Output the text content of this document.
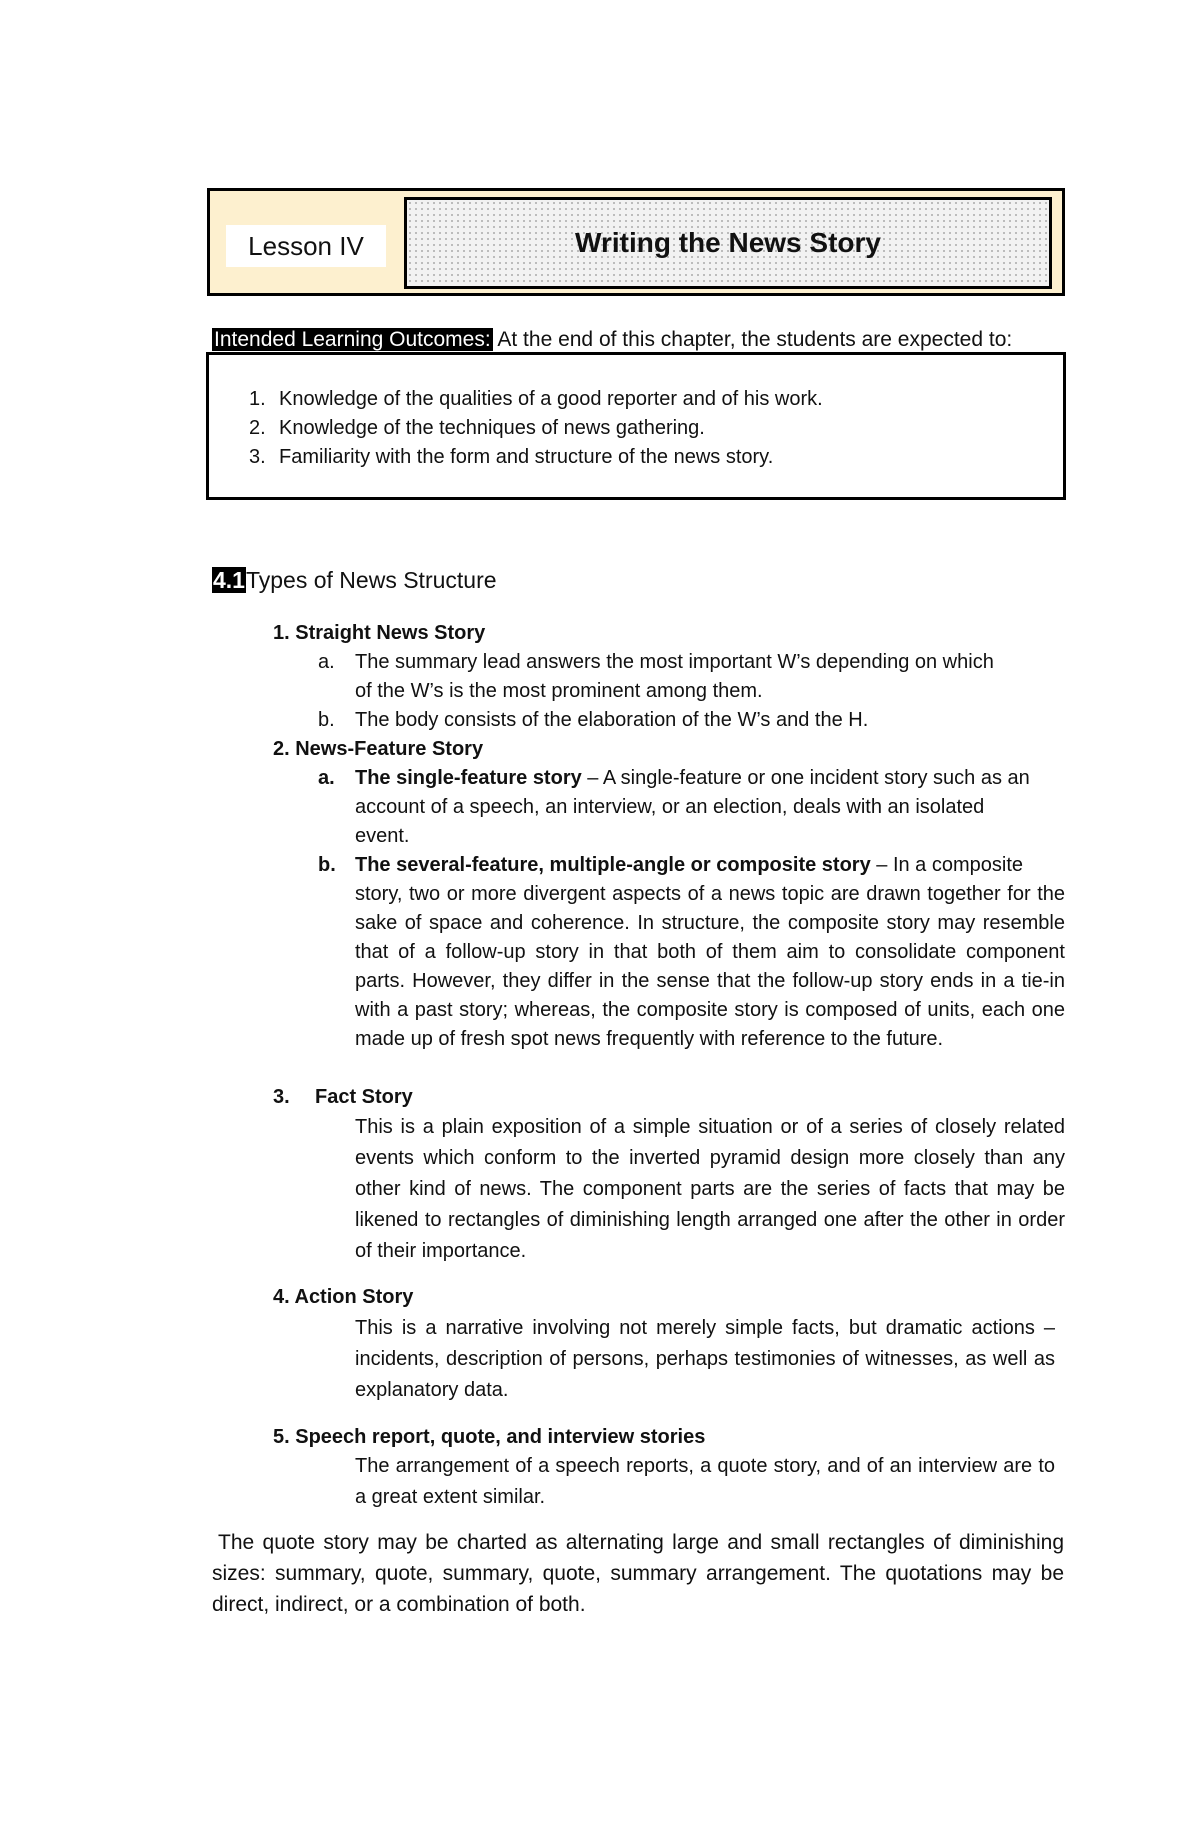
Lesson IV	Writing the News Story
Intended Learning Outcomes: At the end of this chapter, the students are expected to:
1. Knowledge of the qualities of a good reporter and of his work.
2. Knowledge of the techniques of news gathering.
3. Familiarity with the form and structure of the news story.
4.1Types of News Structure
1. Straight News Story
a. The summary lead answers the most important W’s depending on which
of the W’s is the most prominent among them.
b. The body consists of the elaboration of the W’s and the H.
2. News-Feature Story
a. The single-feature story – A single-feature or one incident story such as an
account of a speech, an interview, or an election, deals with an isolated
event.
b. The several-feature, multiple-angle or composite story – In a composite
story, two or more divergent aspects of a news topic are drawn together for the sake of space and coherence. In structure, the composite story may resemble that of a follow-up story in that both of them aim to consolidate component parts. However, they differ in the sense that the follow-up story ends in a tie-in with a past story; whereas, the composite story is composed of units, each one made up of fresh spot news frequently with reference to the future.
3. Fact Story
This is a plain exposition of a simple situation or of a series of closely related events which conform to the inverted pyramid design more closely than any other kind of news. The component parts are the series of facts that may be likened to rectangles of diminishing length arranged one after the other in order of their importance.
4. Action Story
This is a narrative involving not merely simple facts, but dramatic actions – incidents, description of persons, perhaps testimonies of witnesses, as well as explanatory data.
5. Speech report, quote, and interview stories
The arrangement of a speech reports, a quote story, and of an interview are to a great extent similar.
The quote story may be charted as alternating large and small rectangles of diminishing sizes: summary, quote, summary, quote, summary arrangement. The quotations may be direct, indirect, or a combination of both.
